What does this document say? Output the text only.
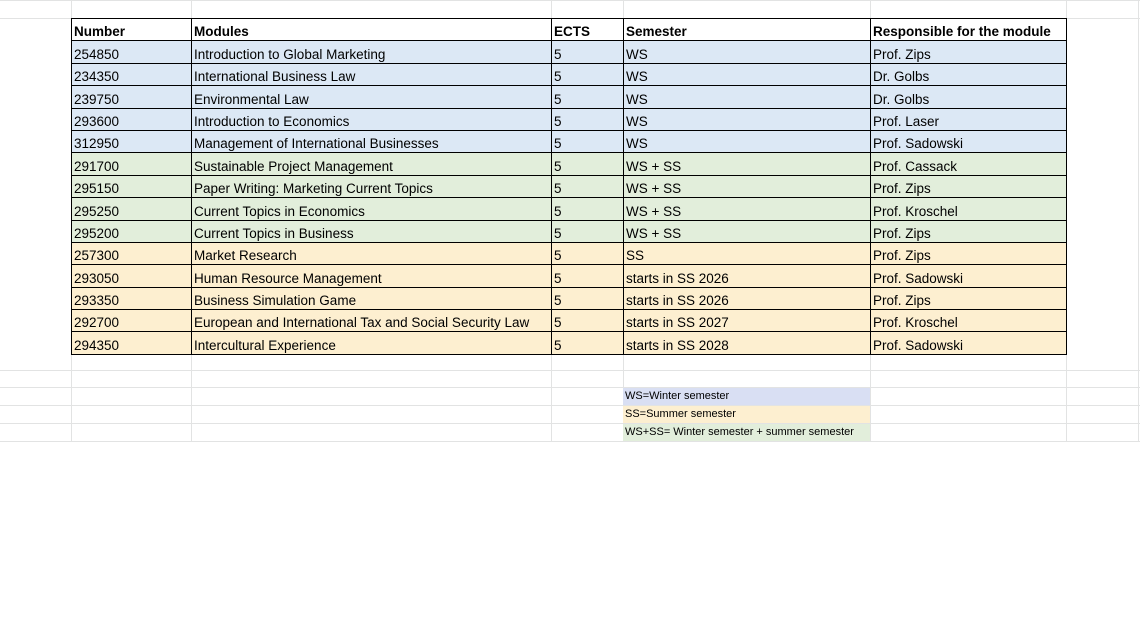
Number	Modules	ECTS	Semester	Responsible for the module
254850	Introduction to Global Marketing	5	WS	Prof. Zips
234350	International Business Law	5	WS	Dr. Golbs
239750	Environmental Law	5	WS	Dr. Golbs
293600	Introduction to Economics	5	WS	Prof. Laser
312950	Management of International Businesses	5	WS	Prof. Sadowski
291700	Sustainable Project Management	5	WS + SS	Prof. Cassack
295150	Paper Writing: Marketing Current Topics	5	WS + SS	Prof. Zips
295250	Current Topics in Economics	5	WS + SS	Prof. Kroschel
295200	Current Topics in Business	5	WS + SS	Prof. Zips
257300	Market Research	5	SS	Prof. Zips
293050	Human Resource Management	5	starts in SS 2026	Prof. Sadowski
293350	Business Simulation Game	5	starts in SS 2026	Prof. Zips
292700	European and International Tax and Social Security Law	5	starts in SS 2027	Prof. Kroschel
294350	Intercultural Experience	5	starts in SS 2028	Prof. Sadowski
WS=Winter semester
SS=Summer semester
WS+SS= Winter semester + summer semester
